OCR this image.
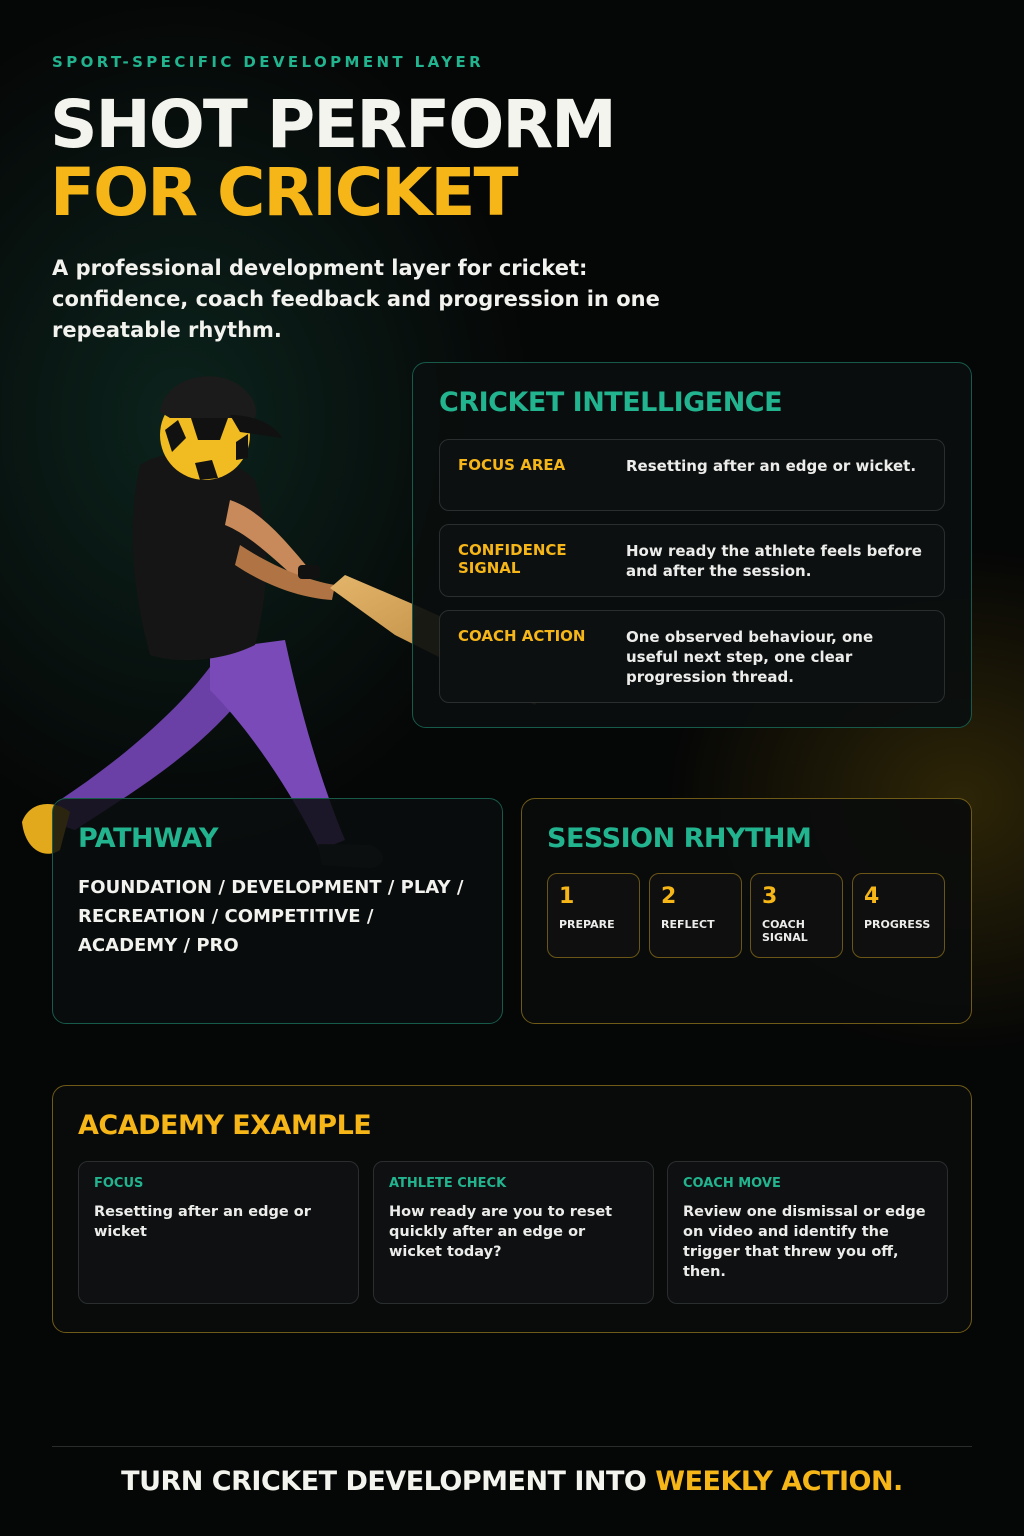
SPORT-SPECIFIC DEVELOPMENT LAYER
SHOT PERFORM
FOR CRICKET
A professional development layer for cricket: confidence, coach feedback and progression in one repeatable rhythm.
CRICKET INTELLIGENCE
FOCUS AREA	Resetting after an edge or wicket.
CONFIDENCE SIGNAL
How ready the athlete feels before and after the session.
COACH ACTION	One observed behaviour, one useful next step, one clear progression thread.
PATHWAY
FOUNDATION / DEVELOPMENT / PLAY / RECREATION / COMPETITIVE / ACADEMY / PRO
SESSION RHYTHM
1
PREPARE
2
REFLECT
3
COACH SIGNAL
4
PROGRESS
ACADEMY EXAMPLE
FOCUS
Resetting after an edge or wicket
ATHLETE CHECK
How ready are you to reset quickly after an edge or wicket today?
COACH MOVE
Review one dismissal or edge on video and identify the trigger that threw you off, then.
TURN CRICKET DEVELOPMENT INTO WEEKLY ACTION.
